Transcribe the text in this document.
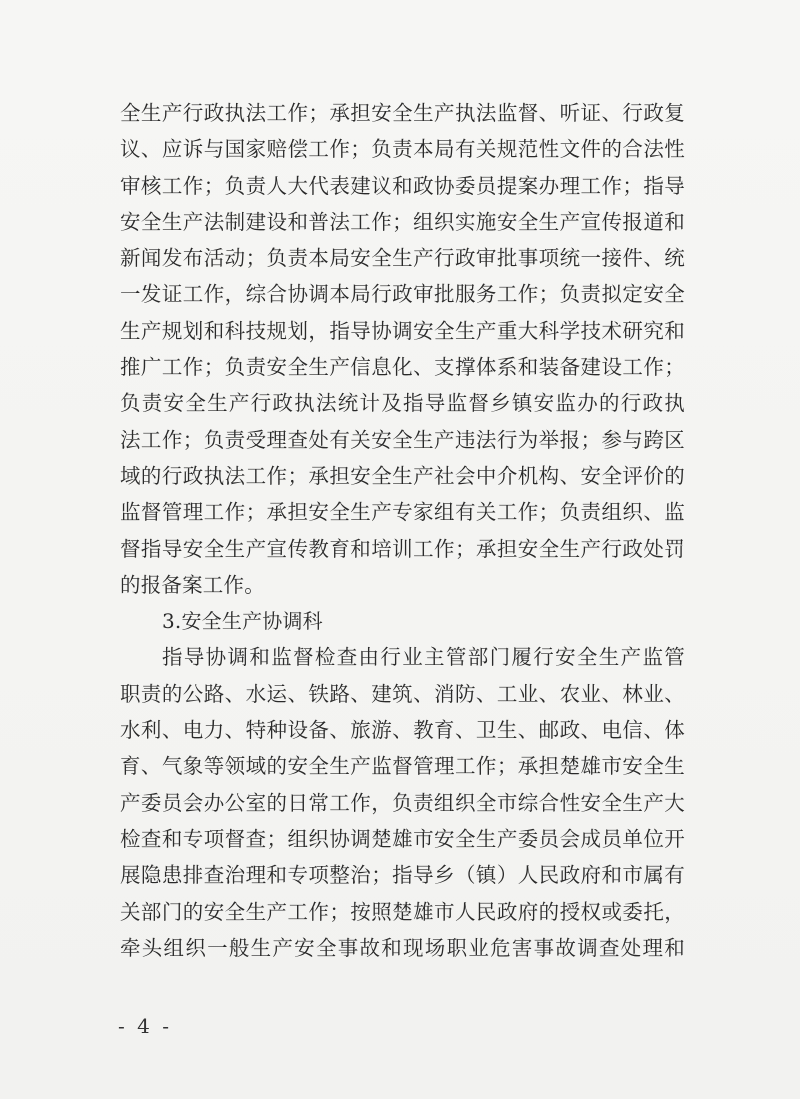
全生产行政执法工作；承担安全生产执法监督、听证、行政复
议、应诉与国家赔偿工作；负责本局有关规范性文件的合法性
审核工作；负责人大代表建议和政协委员提案办理工作；指导
安全生产法制建设和普法工作；组织实施安全生产宣传报道和
新闻发布活动；负责本局安全生产行政审批事项统一接件、统
一发证工作，综合协调本局行政审批服务工作；负责拟定安全
生产规划和科技规划，指导协调安全生产重大科学技术研究和
推广工作；负责安全生产信息化、支撑体系和装备建设工作；
负责安全生产行政执法统计及指导监督乡镇安监办的行政执
法工作；负责受理查处有关安全生产违法行为举报；参与跨区
域的行政执法工作；承担安全生产社会中介机构、安全评价的
监督管理工作；承担安全生产专家组有关工作；负责组织、监
督指导安全生产宣传教育和培训工作；承担安全生产行政处罚
的报备案工作。
3.安全生产协调科
指导协调和监督检查由行业主管部门履行安全生产监管
职责的公路、水运、铁路、建筑、消防、工业、农业、林业、
水利、电力、特种设备、旅游、教育、卫生、邮政、电信、体
育、气象等领域的安全生产监督管理工作；承担楚雄市安全生
产委员会办公室的日常工作，负责组织全市综合性安全生产大
检查和专项督查；组织协调楚雄市安全生产委员会成员单位开
展隐患排查治理和专项整治；指导乡（镇）人民政府和市属有
关部门的安全生产工作；按照楚雄市人民政府的授权或委托，
牵头组织一般生产安全事故和现场职业危害事故调查处理和
- 4 -
